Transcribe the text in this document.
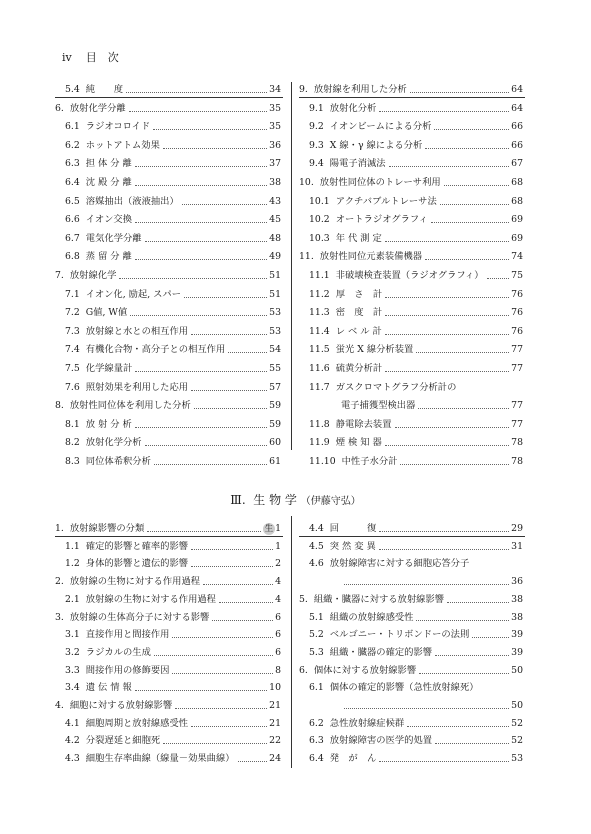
iv 目　次
Ⅲ. 生 物 学 （伊藤守弘）
5.4 純　　度	34
6. 放射化学分離	35
6.1 ラジオコロイド	35
6.2 ホットアトム効果	36
6.3 担 体 分 離	37
6.4 沈 殿 分 離	38
6.5 溶媒抽出（液液抽出）	43
6.6 イオン交換	45
6.7 電気化学分離	48
6.8 蒸 留 分 離	49
7. 放射線化学	51
7.1 イオン化, 励起, スパー	51
7.2 G値, W値	53
7.3 放射線と水との相互作用	53
7.4 有機化合物・高分子との相互作用	54
7.5 化学線量計	55
7.6 照射効果を利用した応用	57
8. 放射性同位体を利用した分析	59
8.1 放 射 分 析	59
8.2 放射化学分析	60
8.3 同位体希釈分析	61
9. 放射線を利用した分析	64
9.1 放射化分析	64
9.2 イオンビームによる分析	66
9.3 X 線・γ 線による分析	66
9.4 陽電子消滅法	67
10. 放射性同位体のトレーサ利用	68
10.1 アクチバブルトレーサ法	68
10.2 オートラジオグラフィ	69
10.3 年 代 測 定	69
11. 放射性同位元素装備機器	74
11.1 非破壊検査装置（ラジオグラフィ）	75
11.2 厚　さ　計	76
11.3 密　度　計	76
11.4 レ ベ ル 計	76
11.5 蛍光 X 線分析装置	77
11.6 硫黄分析計	77
11.7 ガスクロマトグラフ分析計の
電子捕獲型検出器	77
11.8 静電除去装置	77
11.9 煙 検 知 器	78
11.10 中性子水分計	78
1. 放射線影響の分類	生 1
1.1 確定的影響と確率的影響	1
1.2 身体的影響と遺伝的影響	2
2. 放射線の生物に対する作用過程	4
2.1 放射線の生物に対する作用過程	4
3. 放射線の生体高分子に対する影響	6
3.1 直接作用と間接作用	6
3.2 ラジカルの生成	6
3.3 間接作用の修飾要因	8
3.4 遺 伝 情 報	10
4. 細胞に対する放射線影響	21
4.1 細胞周期と放射線感受性	21
4.2 分裂遅延と細胞死	22
4.3 細胞生存率曲線（線量－効果曲線）	24
4.4 回　　　復	29
4.5 突 然 変 異	31
4.6 放射線障害に対する細胞応答分子
36
5. 組織・臓器に対する放射線影響	38
5.1 組織の放射線感受性	38
5.2 ベルゴニー・トリボンドーの法則	39
5.3 組織・臓器の確定的影響	39
6. 個体に対する放射線影響	50
6.1 個体の確定的影響（急性放射線死）
50
6.2 急性放射線症候群	52
6.3 放射線障害の医学的処置	52
6.4 発　が　ん	53
